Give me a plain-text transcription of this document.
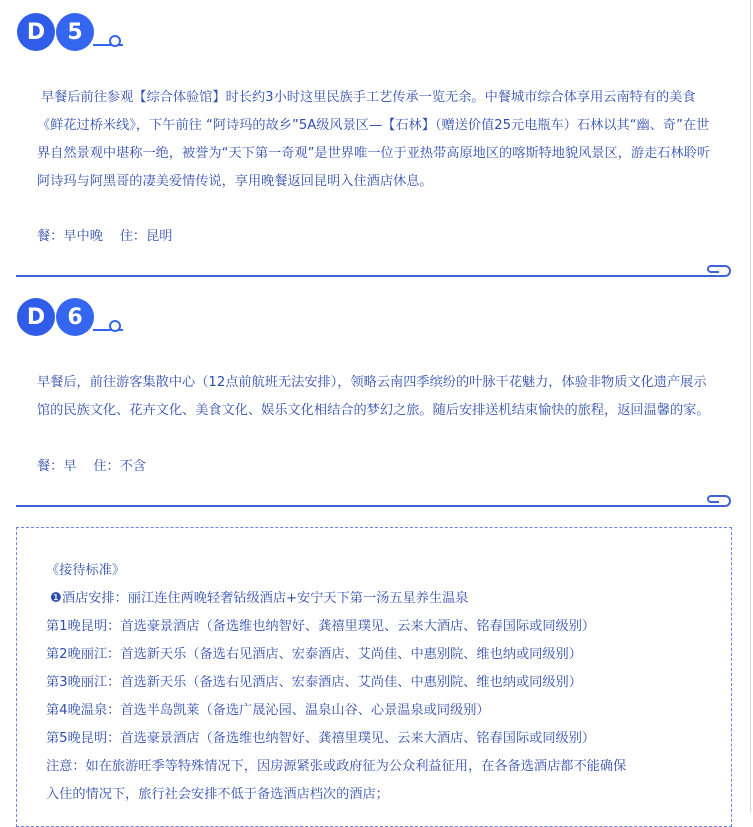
D	5

早餐后前往参观【综合体验馆】时长约3小时这里民族手工艺传承一览无余。中餐城市综合体享用云南特有的美食《鲜花过桥米线》，下午前往 “阿诗玛的故乡”5A级风景区—【石林】（赠送价值25元电瓶车）石林以其“幽、奇”在世界自然景观中堪称一绝，被誉为“天下第一奇观”是世界唯一位于亚热带高原地区的喀斯特地貌风景区，游走石林聆听阿诗玛与阿黑哥的凄美爱情传说，享用晚餐返回昆明入住酒店休息。

餐：早中晚 住：昆明
D	6

早餐后，前往游客集散中心（12点前航班无法安排），领略云南四季缤纷的叶脉干花魅力，体验非物质文化遗产展示馆的民族文化、花卉文化、美食文化、娱乐文化相结合的梦幻之旅。随后安排送机结束愉快的旅程，返回温馨的家。

餐：早 住：不含
《接待标准》
❶酒店安排：丽江连住两晚轻奢钻级酒店+安宁天下第一汤五星养生温泉
第1晚昆明：首选豪景酒店（备选维也纳智好、龚禧里璞见、云来大酒店、铭春国际或同级别）
第2晚丽江：首选新天乐（备选右见酒店、宏泰酒店、艾尚佳、中惠别院、维也纳或同级别）
第3晚丽江：首选新天乐（备选右见酒店、宏泰酒店、艾尚佳、中惠别院、维也纳或同级别）
第4晚温泉：首选半岛凯莱（备选广晟沁园、温泉山谷、心景温泉或同级别）
第5晚昆明：首选豪景酒店（备选维也纳智好、龚禧里璞见、云来大酒店、铭春国际或同级别）
注意：如在旅游旺季等特殊情况下，因房源紧张或政府征为公众利益征用，在各备选酒店都不能确保
入住的情况下，旅行社会安排不低于备选酒店档次的酒店；
